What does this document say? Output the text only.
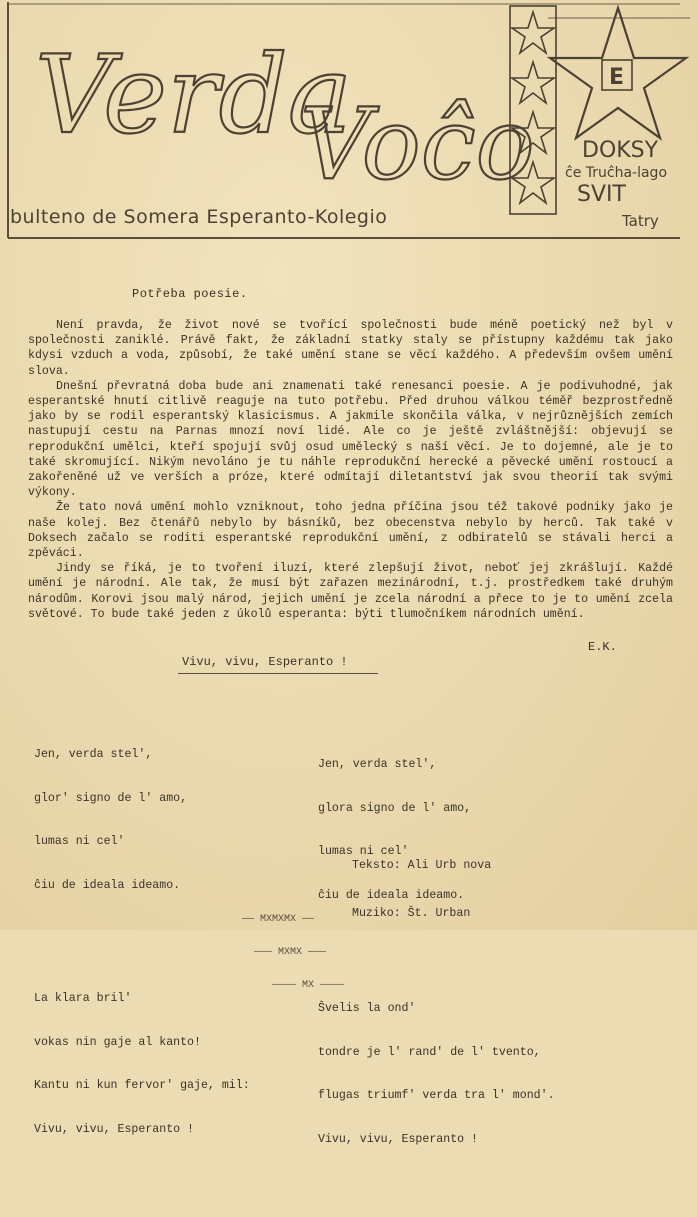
Verda
Voĉo
E
bulteno de Somera Esperanto-Kolegio
DOKSY
ĉe Truĉha-lago
SVIT
Tatry
Potřeba poesie.

Není pravda, že život nové se tvořící společnosti bude méně poetický než byl v společnosti zaniklé. Právě fakt, že základní statky staly se přístupny každému tak jako kdysi vzduch a voda, způsobí, že také umění stane se věcí každého. A především ovšem umění slova.

Dnešní převratná doba bude ani znamenati také renesanci poesie. A je podivuhodné, jak esperantské hnutí citlivě reaguje na tuto potřebu. Před druhou válkou téměř bezprostředně jako by se rodil esperantský klasicismus. A jakmile skončila válka, v nejrůznějších zemích nastupují cestu na Parnas mnozí noví lidé. Ale co je ještě zvláštnější: objevují se reprodukční umělci, kteří spojují svůj osud umělecký s naší věcí. Je to dojemné, ale je to také skromující. Nikým nevoláno je tu náhle reprodukční herecké a pěvecké umění rostoucí a zakořeněné už ve verších a próze, které odmítají diletantství jak svou theorií tak svými výkony.

Že tato nová umění mohlo vzniknout, toho jedna příčina jsou též takové podniky jako je naše kolej. Bez čtenářů nebylo by básníků, bez obecenstva nebylo by herců. Tak také v Doksech začalo se roditi esperantské reprodukční umění, z odbiratelů se stávali herci a zpěváci.

Jindy se říká, je to tvoření iluzí, které zlepšují život, neboť jej zkrášlují. Každé umění je národní. Ale tak, že musí být zařazen mezinárodní, t.j. prostředkem také druhým národům. Korovi jsou malý národ, jejich umění je zcela národní a přece to je to umění zcela světové. To bude také jeden z úkolů esperanta: býti tlumočníkem národních umění.

E.K.
Vivu, vivu, Esperanto !

Jen, verda stel',

glor' signo de l' amo,

lumas ni cel'

ĉiu de ideala ideamo.

La klara bril'

vokas nin gaje al kanto!

Kantu ni kun fervor' gaje, mil:

Vivu, vivu, Esperanto !

Jen, verda stel',

glora signo de l' amo,

lumas ni cel'

ĉiu de ideala ideamo.

Ŝvelis la ond'

tondre je l' rand' de l' tvento,

flugas triumf' verda tra l' mond'.

Vivu, vivu, Esperanto !

Teksto: Ali Urb nova

Muziko: Št. Urban

—— MXMXMX ——

——— MXMX ———

———— MX ————
